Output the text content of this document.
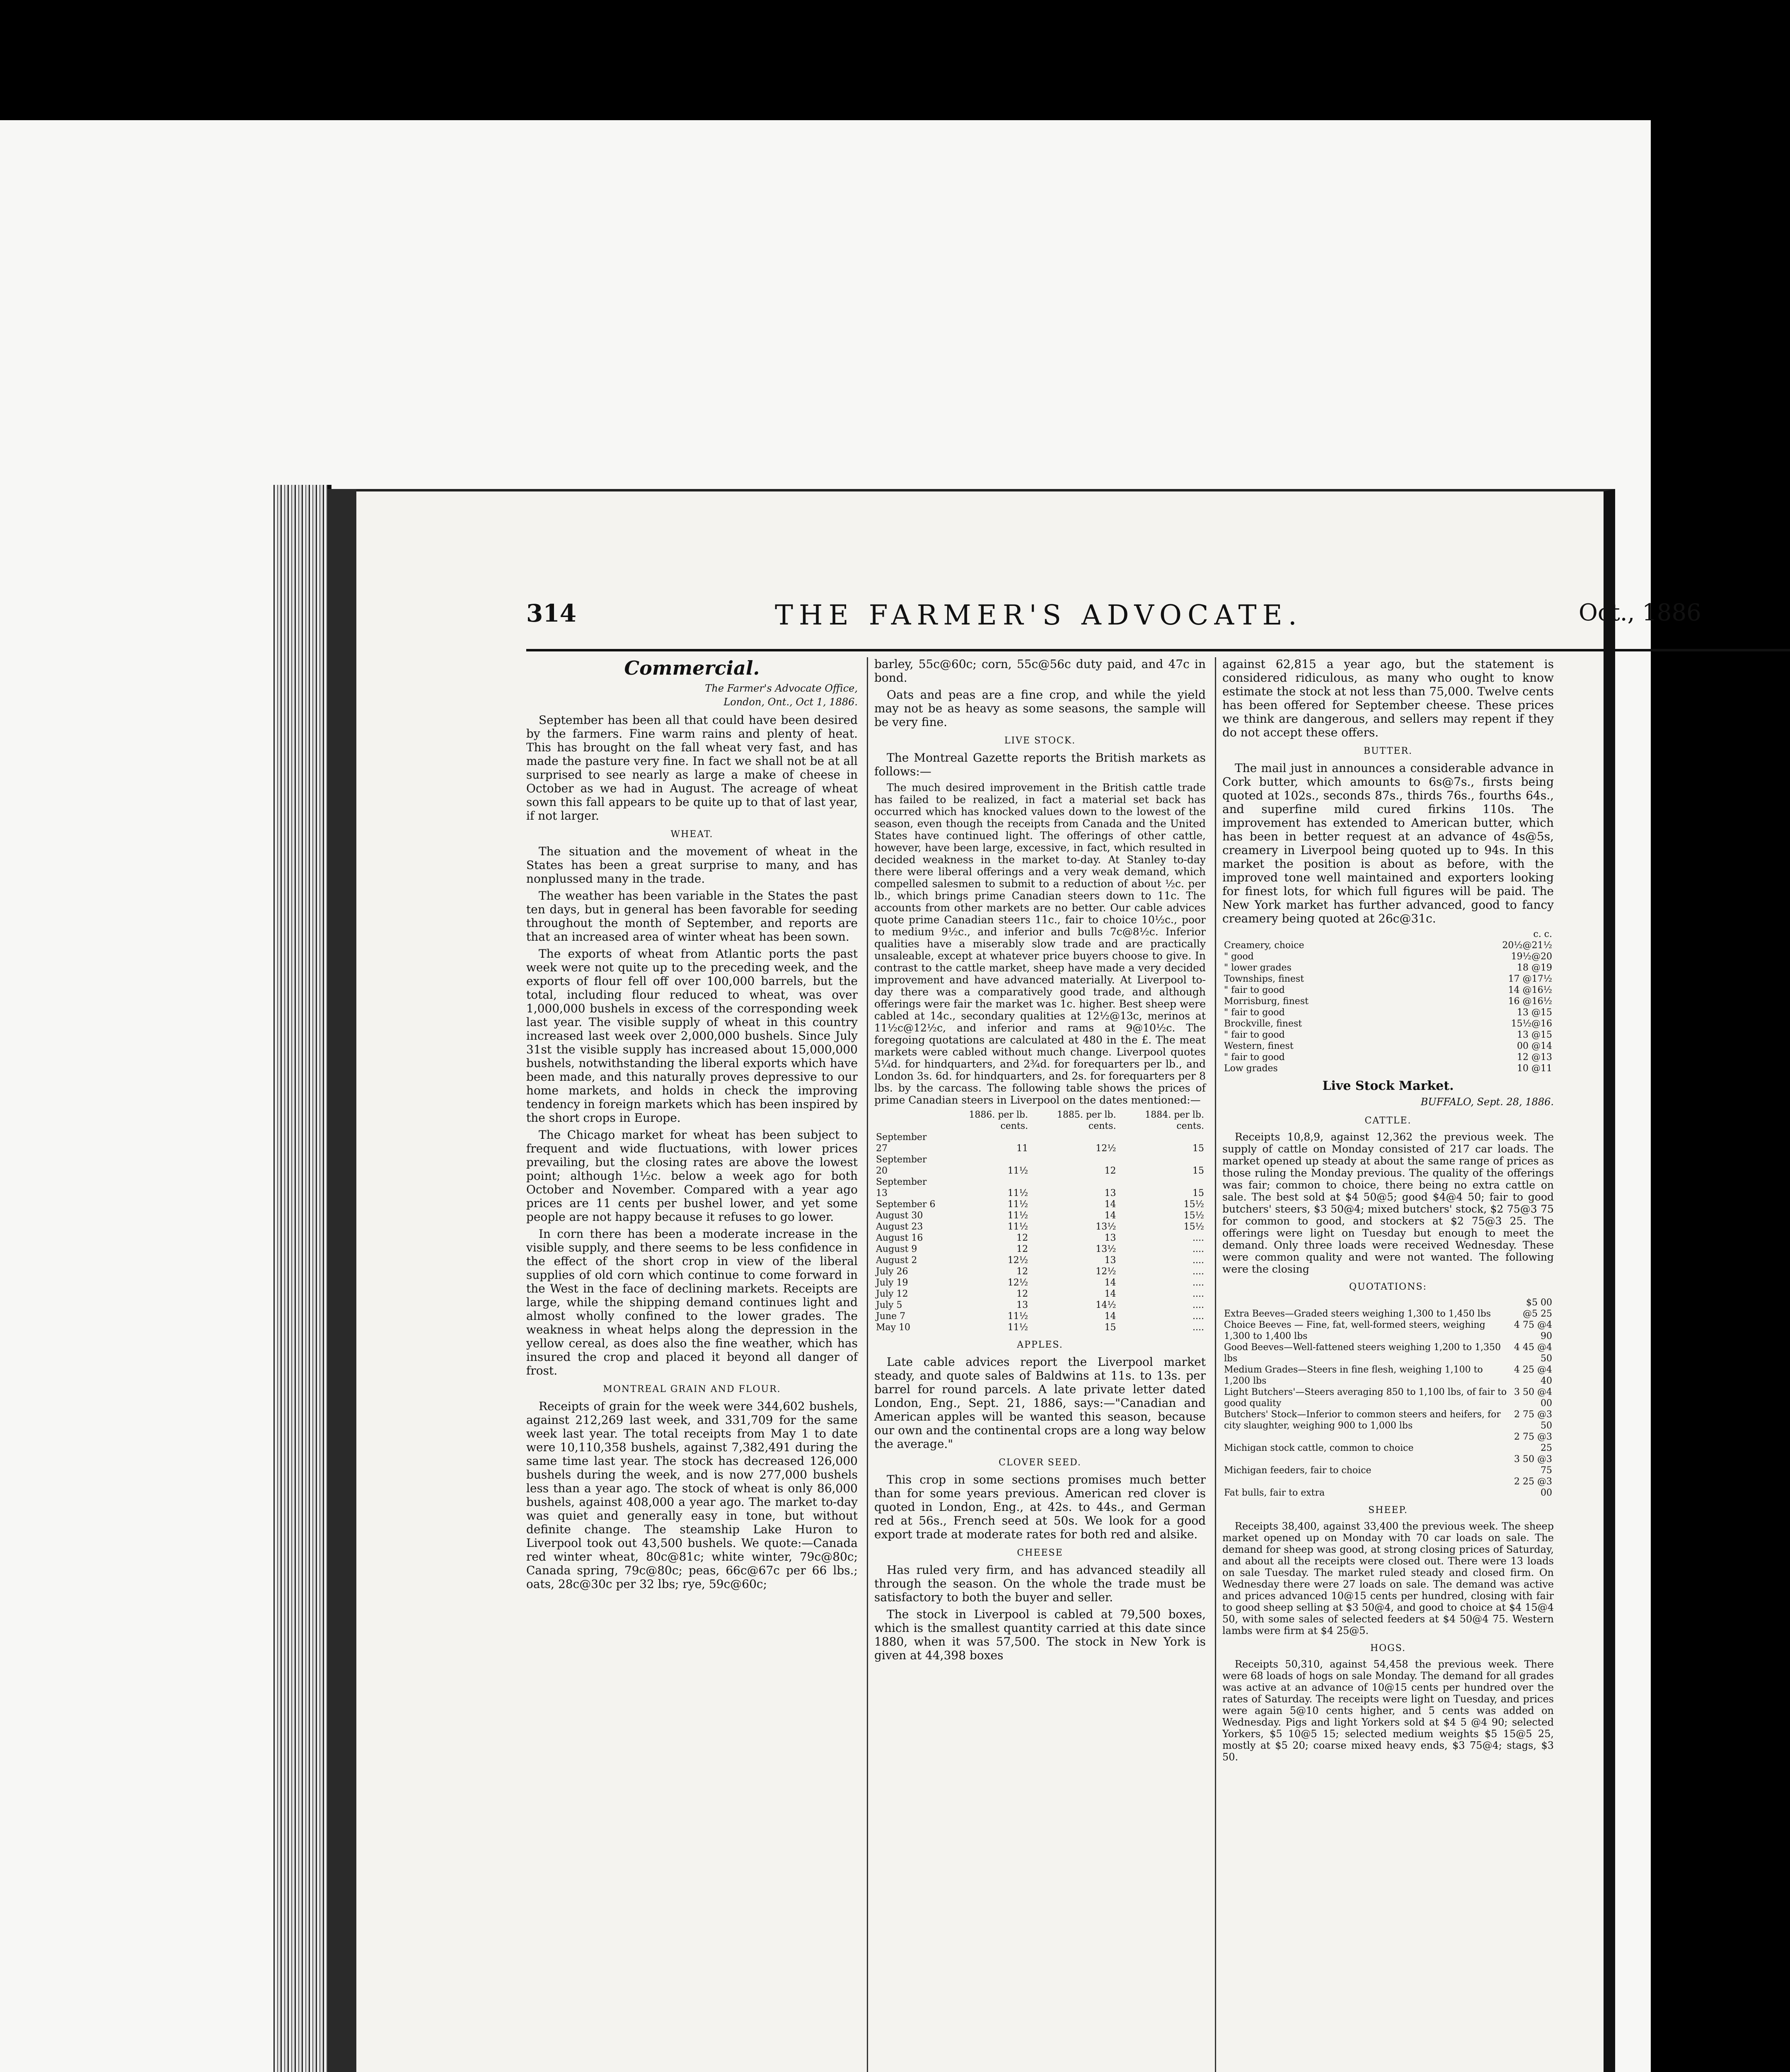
314	THE FARMER'S ADVOCATE.	Oct., 1886
Commercial.
The Farmer's Advocate Office,
London, Ont., Oct 1, 1886.

September has been all that could have been desired by the farmers. Fine warm rains and plenty of heat. This has brought on the fall wheat very fast, and has made the pasture very fine. In fact we shall not be at all surprised to see nearly as large a make of cheese in October as we had in August. The acreage of wheat sown this fall appears to be quite up to that of last year, if not larger.

WHEAT.

The situation and the movement of wheat in the States has been a great surprise to many, and has nonplussed many in the trade.

The weather has been variable in the States the past ten days, but in general has been favorable for seeding throughout the month of September, and reports are that an increased area of winter wheat has been sown.

The exports of wheat from Atlantic ports the past week were not quite up to the preceding week, and the exports of flour fell off over 100,000 barrels, but the total, including flour reduced to wheat, was over 1,000,000 bushels in excess of the corresponding week last year. The visible supply of wheat in this country increased last week over 2,000,000 bushels. Since July 31st the visible supply has increased about 15,000,000 bushels, notwithstanding the liberal exports which have been made, and this naturally proves depressive to our home markets, and holds in check the improving tendency in foreign markets which has been inspired by the short crops in Europe.

The Chicago market for wheat has been subject to frequent and wide fluctuations, with lower prices prevailing, but the closing rates are above the lowest point; although 1½c. below a week ago for both October and November. Compared with a year ago prices are 11 cents per bushel lower, and yet some people are not happy because it refuses to go lower.

In corn there has been a moderate increase in the visible supply, and there seems to be less confidence in the effect of the short crop in view of the liberal supplies of old corn which continue to come forward in the West in the face of declining markets. Receipts are large, while the shipping demand continues light and almost wholly confined to the lower grades. The weakness in wheat helps along the depression in the yellow cereal, as does also the fine weather, which has insured the crop and placed it beyond all danger of frost.

MONTREAL GRAIN AND FLOUR.

Receipts of grain for the week were 344,602 bushels, against 212,269 last week, and 331,709 for the same week last year. The total receipts from May 1 to date were 10,110,358 bushels, against 7,382,491 during the same time last year. The stock has decreased 126,000 bushels during the week, and is now 277,000 bushels less than a year ago. The stock of wheat is only 86,000 bushels, against 408,000 a year ago. The market to-day was quiet and generally easy in tone, but without definite change. The steamship Lake Huron to Liverpool took out 43,500 bushels. We quote:—Canada red winter wheat, 80c@81c; white winter, 79c@80c; Canada spring, 79c@80c; peas, 66c@67c per 66 lbs.; oats, 28c@30c per 32 lbs; rye, 59c@60c;

barley, 55c@60c; corn, 55c@56c duty paid, and 47c in bond.

Oats and peas are a fine crop, and while the yield may not be as heavy as some seasons, the sample will be very fine.

LIVE STOCK.

The Montreal Gazette reports the British markets as follows:—

The much desired improvement in the British cattle trade has failed to be realized, in fact a material set back has occurred which has knocked values down to the lowest of the season, even though the receipts from Canada and the United States have continued light. The offerings of other cattle, however, have been large, excessive, in fact, which resulted in decided weakness in the market to-day. At Stanley to-day there were liberal offerings and a very weak demand, which compelled salesmen to submit to a reduction of about ½c. per lb., which brings prime Canadian steers down to 11c. The accounts from other markets are no better. Our cable advices quote prime Canadian steers 11c., fair to choice 10½c., poor to medium 9½c., and inferior and bulls 7c@8½c. Inferior qualities have a miserably slow trade and are practically unsaleable, except at whatever price buyers choose to give. In contrast to the cattle market, sheep have made a very decided improvement and have advanced materially. At Liverpool to-day there was a comparatively good trade, and although offerings were fair the market was 1c. higher. Best sheep were cabled at 14c., secondary qualities at 12½@13c, merinos at 11½c@12½c, and inferior and rams at 9@10½c. The foregoing quotations are calculated at 480 in the £. The meat markets were cabled without much change. Liverpool quotes 5¼d. for hindquarters, and 2¾d. for forequarters per lb., and London 3s. 6d. for hindquarters, and 2s. for forequarters per 8 lbs. by the carcass. The following table shows the prices of prime Canadian steers in Liverpool on the dates mentioned:—

	1886. per lb. cents.	1885. per lb. cents.	1884. per lb. cents.
September 27	11	12½	15
September 20	11½	12	15
September 13	11½	13	15
September 6	11½	14	15½
August 30	11½	14	15½
August 23	11½	13½	15½
August 16	12	13	....
August 9	12	13½	....
August 2	12½	13	....
July 26	12	12½	....
July 19	12½	14	....
July 12	12	14	....
July 5	13	14½	....
June 7	11½	14	....
May 10	11½	15	....
APPLES.

Late cable advices report the Liverpool market steady, and quote sales of Baldwins at 11s. to 13s. per barrel for round parcels. A late private letter dated London, Eng., Sept. 21, 1886, says:—"Canadian and American apples will be wanted this season, because our own and the continental crops are a long way below the average."

CLOVER SEED.

This crop in some sections promises much better than for some years previous. American red clover is quoted in London, Eng., at 42s. to 44s., and German red at 56s., French seed at 50s. We look for a good export trade at moderate rates for both red and alsike.

CHEESE

Has ruled very firm, and has advanced steadily all through the season. On the whole the trade must be satisfactory to both the buyer and seller.

The stock in Liverpool is cabled at 79,500 boxes, which is the smallest quantity carried at this date since 1880, when it was 57,500. The stock in New York is given at 44,398 boxes

against 62,815 a year ago, but the statement is considered ridiculous, as many who ought to know estimate the stock at not less than 75,000. Twelve cents has been offered for September cheese. These prices we think are dangerous, and sellers may repent if they do not accept these offers.

BUTTER.

The mail just in announces a considerable advance in Cork butter, which amounts to 6s@7s., firsts being quoted at 102s., seconds 87s., thirds 76s., fourths 64s., and superfine mild cured firkins 110s. The improvement has extended to American butter, which has been in better request at an advance of 4s@5s, creamery in Liverpool being quoted up to 94s. In this market the position is about as before, with the improved tone well maintained and exporters looking for finest lots, for which full figures will be paid. The New York market has further advanced, good to fancy creamery being quoted at 26c@31c.

	c. c.
Creamery, choice	20½@21½
" good	19½@20
" lower grades	18 @19
Townships, finest	17 @17½
" fair to good	14 @16½
Morrisburg, finest	16 @16½
" fair to good	13 @15
Brockville, finest	15½@16
" fair to good	13 @15
Western, finest	00 @14
" fair to good	12 @13
Low grades	10 @11
Live Stock Market.
BUFFALO, Sept. 28, 1886.
CATTLE.

Receipts 10,8,9, against 12,362 the previous week. The supply of cattle on Monday consisted of 217 car loads. The market opened up steady at about the same range of prices as those ruling the Monday previous. The quality of the offerings was fair; common to choice, there being no extra cattle on sale. The best sold at $4 50@5; good $4@4 50; fair to good butchers' steers, $3 50@4; mixed butchers' stock, $2 75@3 75 for common to good, and stockers at $2 75@3 25. The offerings were light on Tuesday but enough to meet the demand. Only three loads were received Wednesday. These were common quality and were not wanted. The following were the closing

QUOTATIONS:
Extra Beeves—Graded steers weighing 1,300 to 1,450 lbs	$5 00 @5 25
Choice Beeves — Fine, fat, well-formed steers, weighing 1,300 to 1,400 lbs	4 75 @4 90
Good Beeves—Well-fattened steers weighing 1,200 to 1,350 lbs	4 45 @4 50
Medium Grades—Steers in fine flesh, weighing 1,100 to 1,200 lbs	4 25 @4 40
Light Butchers'—Steers averaging 850 to 1,100 lbs, of fair to good quality	3 50 @4 00
Butchers' Stock—Inferior to common steers and heifers, for city slaughter, weighing 900 to 1,000 lbs	2 75 @3 50
Michigan stock cattle, common to choice	2 75 @3 25
Michigan feeders, fair to choice	3 50 @3 75
Fat bulls, fair to extra	2 25 @3 00
SHEEP.

Receipts 38,400, against 33,400 the previous week. The sheep market opened up on Monday with 70 car loads on sale. The demand for sheep was good, at strong closing prices of Saturday, and about all the receipts were closed out. There were 13 loads on sale Tuesday. The market ruled steady and closed firm. On Wednesday there were 27 loads on sale. The demand was active and prices advanced 10@15 cents per hundred, closing with fair to good sheep selling at $3 50@4, and good to choice at $4 15@4 50, with some sales of selected feeders at $4 50@4 75. Western lambs were firm at $4 25@5.

HOGS.

Receipts 50,310, against 54,458 the previous week. There were 68 loads of hogs on sale Monday. The demand for all grades was active at an advance of 10@15 cents per hundred over the rates of Saturday. The receipts were light on Tuesday, and prices were again 5@10 cents higher, and 5 cents was added on Wednesday. Pigs and light Yorkers sold at $4 5 @4 90; selected Yorkers, $5 10@5 15; selected medium weights $5 15@5 25, mostly at $5 20; coarse mixed heavy ends, $3 75@4; stags, $3 50.
